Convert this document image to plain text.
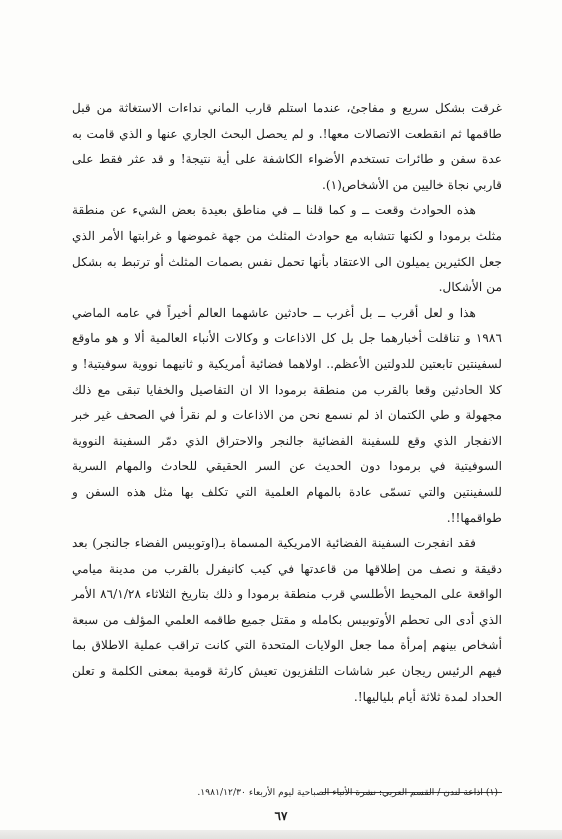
غرقت بشكل سريع و مفاجئ، عندما استلم قارب الماني نداءات الاستغاثة من قبل طاقمها ثم انقطعت الاتصالات معها!. و لم يحصل البحث الجاري عنها و الذي قامت به عدة سفن و طائرات تستخدم الأضواء الكاشفة على أية نتيجة! و قد عثر فقط على قاربي نجاة خاليين من الأشخاص(١).

هذه الحوادث وقعت ــ و كما قلنا ــ في مناطق بعيدة بعض الشيء عن منطقة مثلث برمودا و لكنها تتشابه مع حوادث المثلث من جهة غموضها و غرابتها الأمر الذي جعل الكثيرين يميلون الى الاعتقاد بأنها تحمل نفس بصمات المثلث أو ترتبط به بشكل من الأشكال.

هذا و لعل أقرب ــ بل أغرب ــ حادثين عاشهما العالم أخيراً في عامه الماضي ١٩٨٦ و تناقلت أخبارهما جل بل كل الاذاعات و وكالات الأنباء العالمية ألا و هو ماوقع لسفينتين تابعتين للدولتين الأعظم.. اولاهما فضائية أمريكية و ثانيهما نووية سوفيتية! و كلا الحادثين وقعا بالقرب من منطقة برمودا الا ان التفاصيل والخفايا تبقى مع ذلك مجهولة و طي الكتمان اذ لم نسمع نحن من الاذاعات و لم نقرأ في الصحف غير خبر الانفجار الذي وقع للسفينة الفضائية جالنجر والاحتراق الذي دمّر السفينة النووية السوفيتية في برمودا دون الحديث عن السر الحقيقي للحادث والمهام السرية للسفينتين والتي تسمّى عادة بالمهام العلمية التي تكلف بها مثل هذه السفن و طواقمها!!.

فقد انفجرت السفينة الفضائية الامريكية المسماة بـ(اوتوبيس الفضاء جالنجر) بعد دقيقة و نصف من إطلاقها من قاعدتها في كيب كانيفرل بالقرب من مدينة ميامي الواقعة على المحيط الأطلسي قرب منطقة برمودا و ذلك بتاريخ الثلاثاء ٨٦/١/٢٨ الأمر الذي أدى الى تحطم الأوتوبيس بكامله و مقتل جميع طاقمه العلمي المؤلف من سبعة أشخاص بينهم إمرأة مما جعل الولايات المتحدة التي كانت تراقب عملية الاطلاق بما فيهم الرئيس ريجان عبر شاشات التلفزيون تعيش كارثة قومية بمعنى الكلمة و تعلن الحداد لمدة ثلاثة أيام بلياليها!.

(١) اذاعة لندن / القسم العربي: نشرة الأنباء الصباحية ليوم الأربعاء ١٩٨١/١٢/٣٠.
٦٧
